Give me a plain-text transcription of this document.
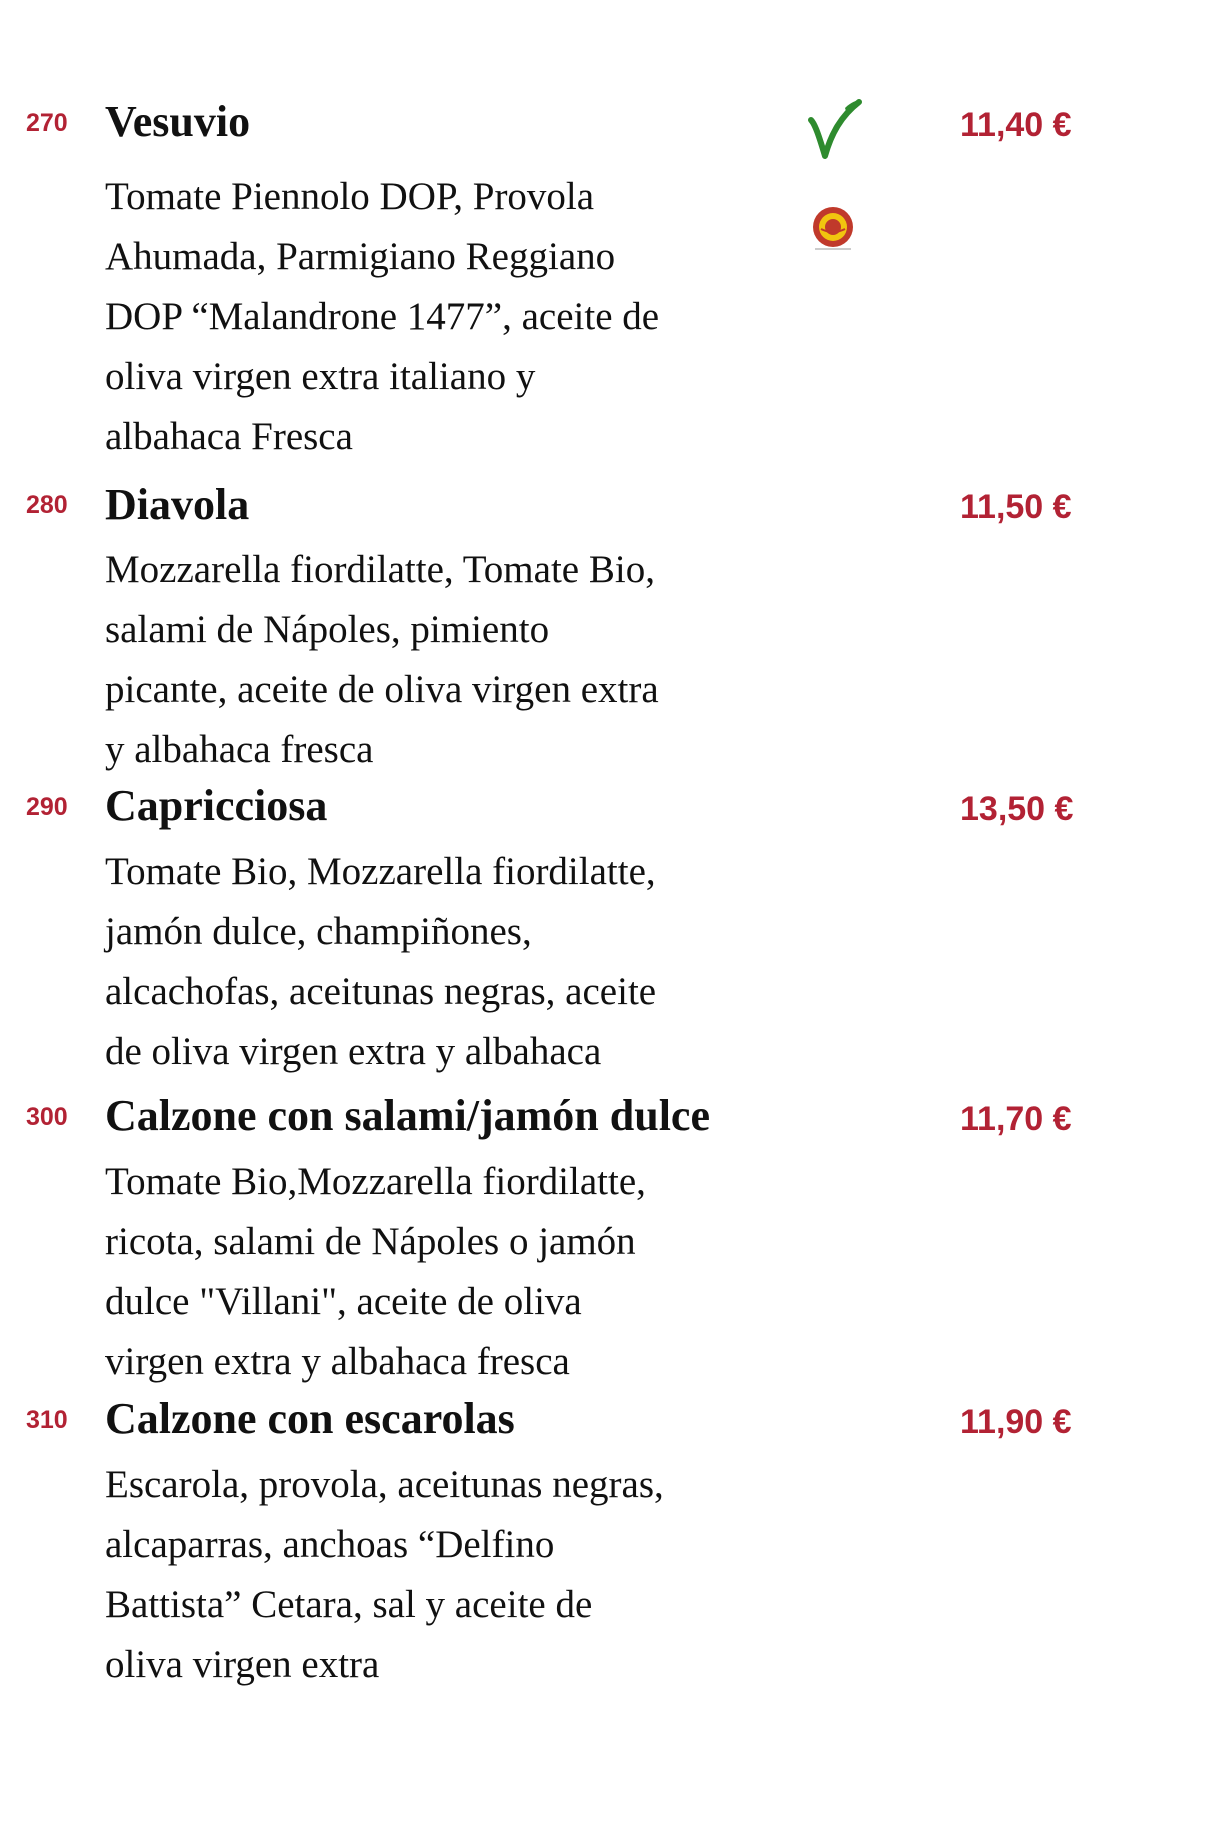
270 Vesuvio	11,40 €
Tomate Piennolo DOP, Provola
Ahumada, Parmigiano Reggiano
DOP “Malandrone 1477”, aceite de
oliva virgen extra italiano y
albahaca Fresca
280 Diavola	11,50 €
Mozzarella fiordilatte, Tomate Bio,
salami de Nápoles, pimiento
picante, aceite de oliva virgen extra
y albahaca fresca
290 Capricciosa	13,50 €
Tomate Bio, Mozzarella fiordilatte,
jamón dulce, champiñones,
alcachofas, aceitunas negras, aceite
de oliva virgen extra y albahaca
300 Calzone con salami/jamón dulce	11,70 €
Tomate Bio,Mozzarella fiordilatte,
ricota, salami de Nápoles o jamón
dulce "Villani", aceite de oliva
virgen extra y albahaca fresca
310 Calzone con escarolas	11,90 €
Escarola, provola, aceitunas negras,
alcaparras, anchoas “Delfino
Battista” Cetara, sal y aceite de
oliva virgen extra
